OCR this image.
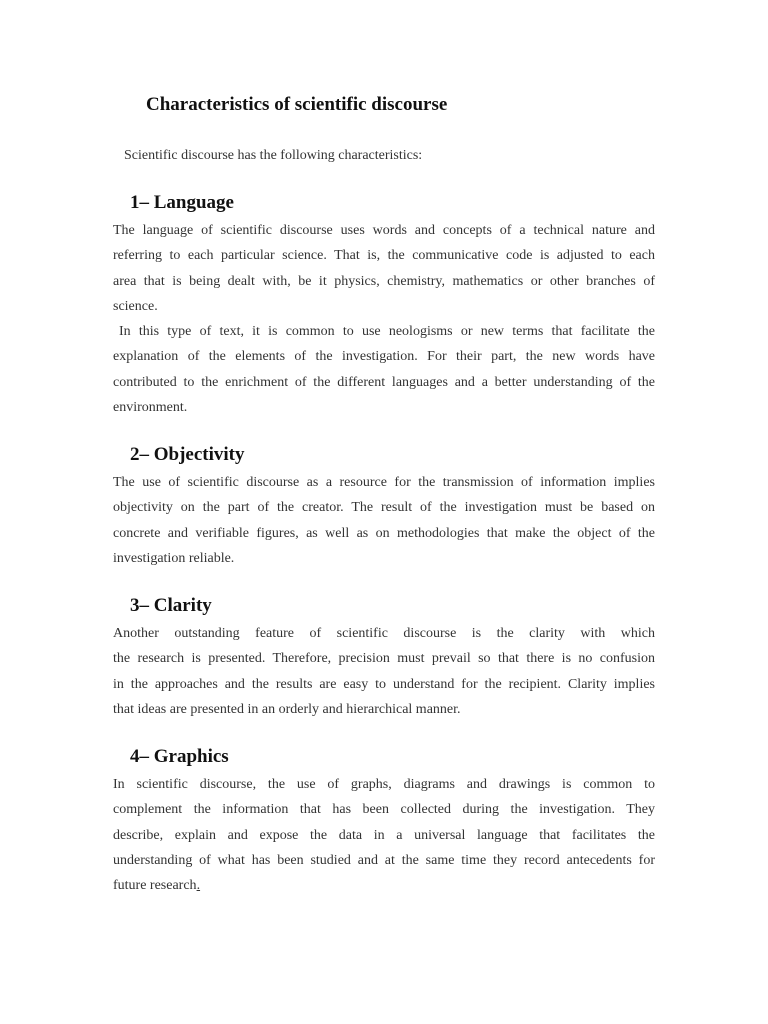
Characteristics of scientific discourse

Scientific discourse has the following characteristics:

1– Language
The language of scientific discourse uses words and concepts of a technical nature and
referring to each particular science. That is, the communicative code is adjusted to each
area that is being dealt with, be it physics, chemistry, mathematics or other branches of
science.
In this type of text, it is common to use neologisms or new terms that facilitate the
explanation of the elements of the investigation. For their part, the new words have
contributed to the enrichment of the different languages and a better understanding of the
environment.
2– Objectivity
The use of scientific discourse as a resource for the transmission of information implies
objectivity on the part of the creator. The result of the investigation must be based on
concrete and verifiable figures, as well as on methodologies that make the object of the
investigation reliable.
3– Clarity
Another outstanding feature of scientific discourse is the clarity with which
the research is presented. Therefore, precision must prevail so that there is no confusion
in the approaches and the results are easy to understand for the recipient. Clarity implies
that ideas are presented in an orderly and hierarchical manner.
4– Graphics
In scientific discourse, the use of graphs, diagrams and drawings is common to
complement the information that has been collected during the investigation. They
describe, explain and expose the data in a universal language that facilitates the
understanding of what has been studied and at the same time they record antecedents for
future research.
